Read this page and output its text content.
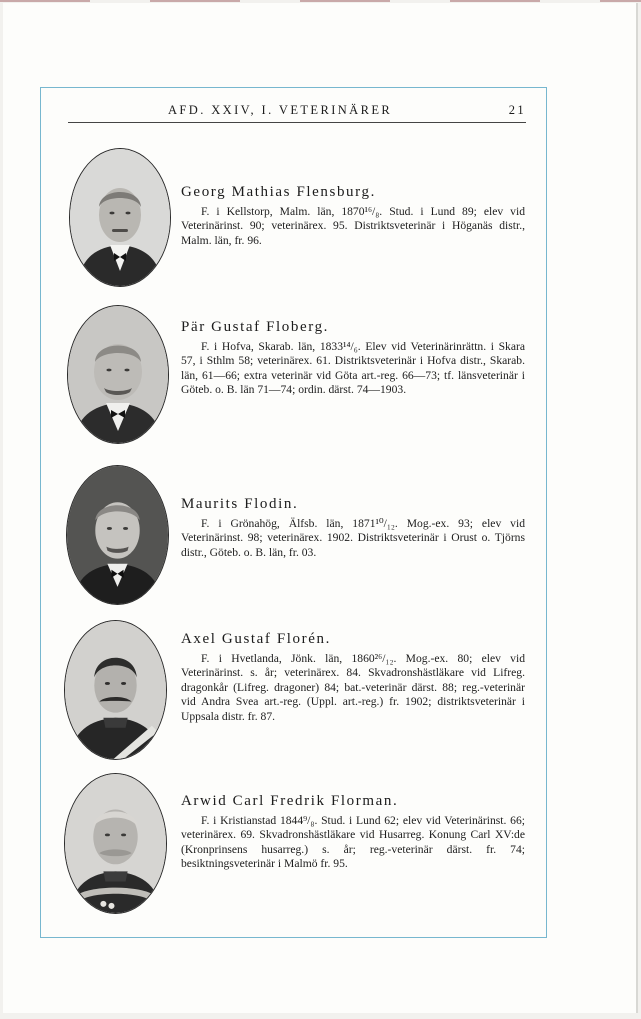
AFD. XXIV, I. VETERINÄRER	21

Georg Mathias Flensburg.

F. i Kellstorp, Malm. län, 1870¹⁶/₈. Stud. i Lund 89; elev vid Veterinärinst. 90; veterinärex. 95. Distriktsveterinär i Höganäs distr., Malm. län, fr. 96.

Pär Gustaf Floberg.

F. i Hofva, Skarab. län, 1833¹⁴/₆. Elev vid Veterinärinrättn. i Skara 57, i Sthlm 58; veterinärex. 61. Distriktsveterinär i Hofva distr., Skarab. län, 61—66; extra veterinär vid Göta art.-reg. 66—73; tf. länsveterinär i Göteb. o. B. län 71—74; ordin. därst. 74—1903.

Maurits Flodin.

F. i Grönahög, Älfsb. län, 1871¹⁰/₁₂. Mog.-ex. 93; elev vid Veterinärinst. 98; veterinärex. 1902. Distriktsveterinär i Orust o. Tjörns distr., Göteb. o. B. län, fr. 03.

Axel Gustaf Florén.

F. i Hvetlanda, Jönk. län, 1860²⁶/₁₂. Mog.-ex. 80; elev vid Veterinärinst. s. år; veterinärex. 84. Skvadronshästläkare vid Lifreg. dragonkår (Lifreg. dragoner) 84; bat.-veterinär därst. 88; reg.-veterinär vid Andra Svea art.-reg. (Uppl. art.-reg.) fr. 1902; distriktsveterinär i Uppsala distr. fr. 87.

Arwid Carl Fredrik Florman.

F. i Kristianstad 1844⁹/₈. Stud. i Lund 62; elev vid Veterinärinst. 66; veterinärex. 69. Skvadronshästläkare vid Husarreg. Konung Carl XV:de (Kronprinsens husarreg.) s. år; reg.-veterinär därst. fr. 74; besiktningsveterinär i Malmö fr. 95.
